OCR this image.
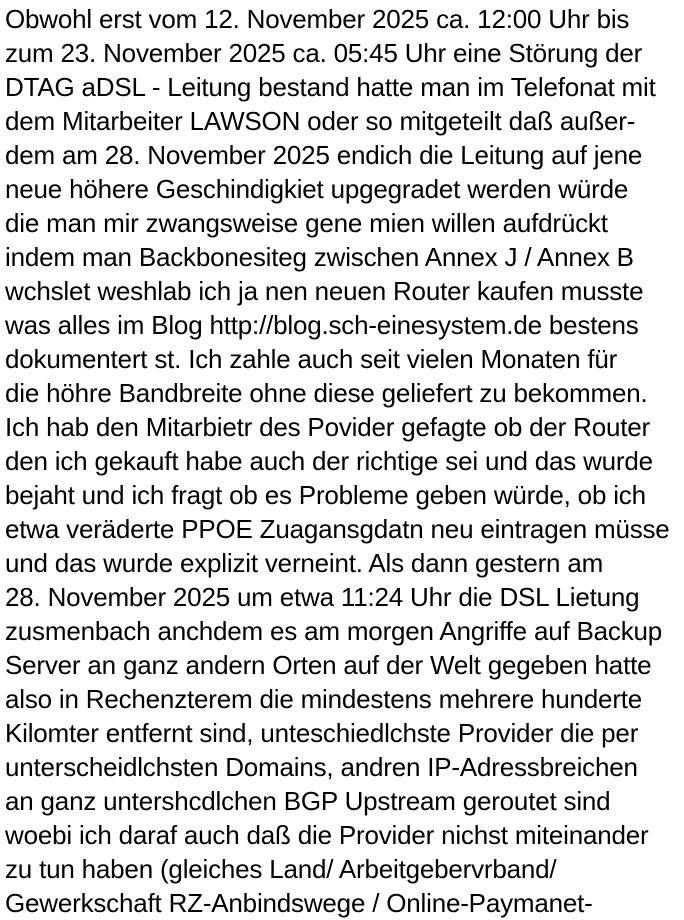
Obwohl erst vom 12. November 2025 ca. 12:00 Uhr bis
zum 23. November 2025 ca. 05:45 Uhr eine Störung der
DTAG aDSL - Leitung bestand hatte man im Telefonat mit
dem Mitarbeiter LAWSON oder so mitgeteilt daß außer-
dem am 28. November 2025 endich die Leitung auf jene
neue höhere Geschindigkiet upgegradet werden würde
die man mir zwangsweise gene mien willen aufdrückt
indem man Backbonesiteg zwischen Annex J / Annex B
wchslet weshlab ich ja nen neuen Router kaufen musste
was alles im Blog http://blog.sch-einesystem.de bestens
dokumentert st. Ich zahle auch seit vielen Monaten für
die höhre Bandbreite ohne diese geliefert zu bekommen.
Ich hab den Mitarbietr des Povider gefagte ob der Router
den ich gekauft habe auch der richtige sei und das wurde
bejaht und ich fragt ob es Probleme geben würde, ob ich
etwa veräderte PPOE Zuagansgdatn neu eintragen müsse
und das wurde explizit verneint. Als dann gestern am
28. November 2025 um etwa 11:24 Uhr die DSL Lietung
zusmenbach anchdem es am morgen Angriffe auf Backup
Server an ganz andern Orten auf der Welt gegeben hatte
also in Rechenzterem die mindestens mehrere hunderte
Kilomter entfernt sind, unteschiedlchste Provider die per
unterscheidlchsten Domains, andren IP-Adressbreichen
an ganz untershcdlchen BGP Upstream geroutet sind
woebi ich daraf auch daß die Provider nichst miteinander
zu tun haben (gleiches Land/ Arbeitgebervrband/
Gewerkschaft RZ-Anbindswege / Online-Paymanet-
